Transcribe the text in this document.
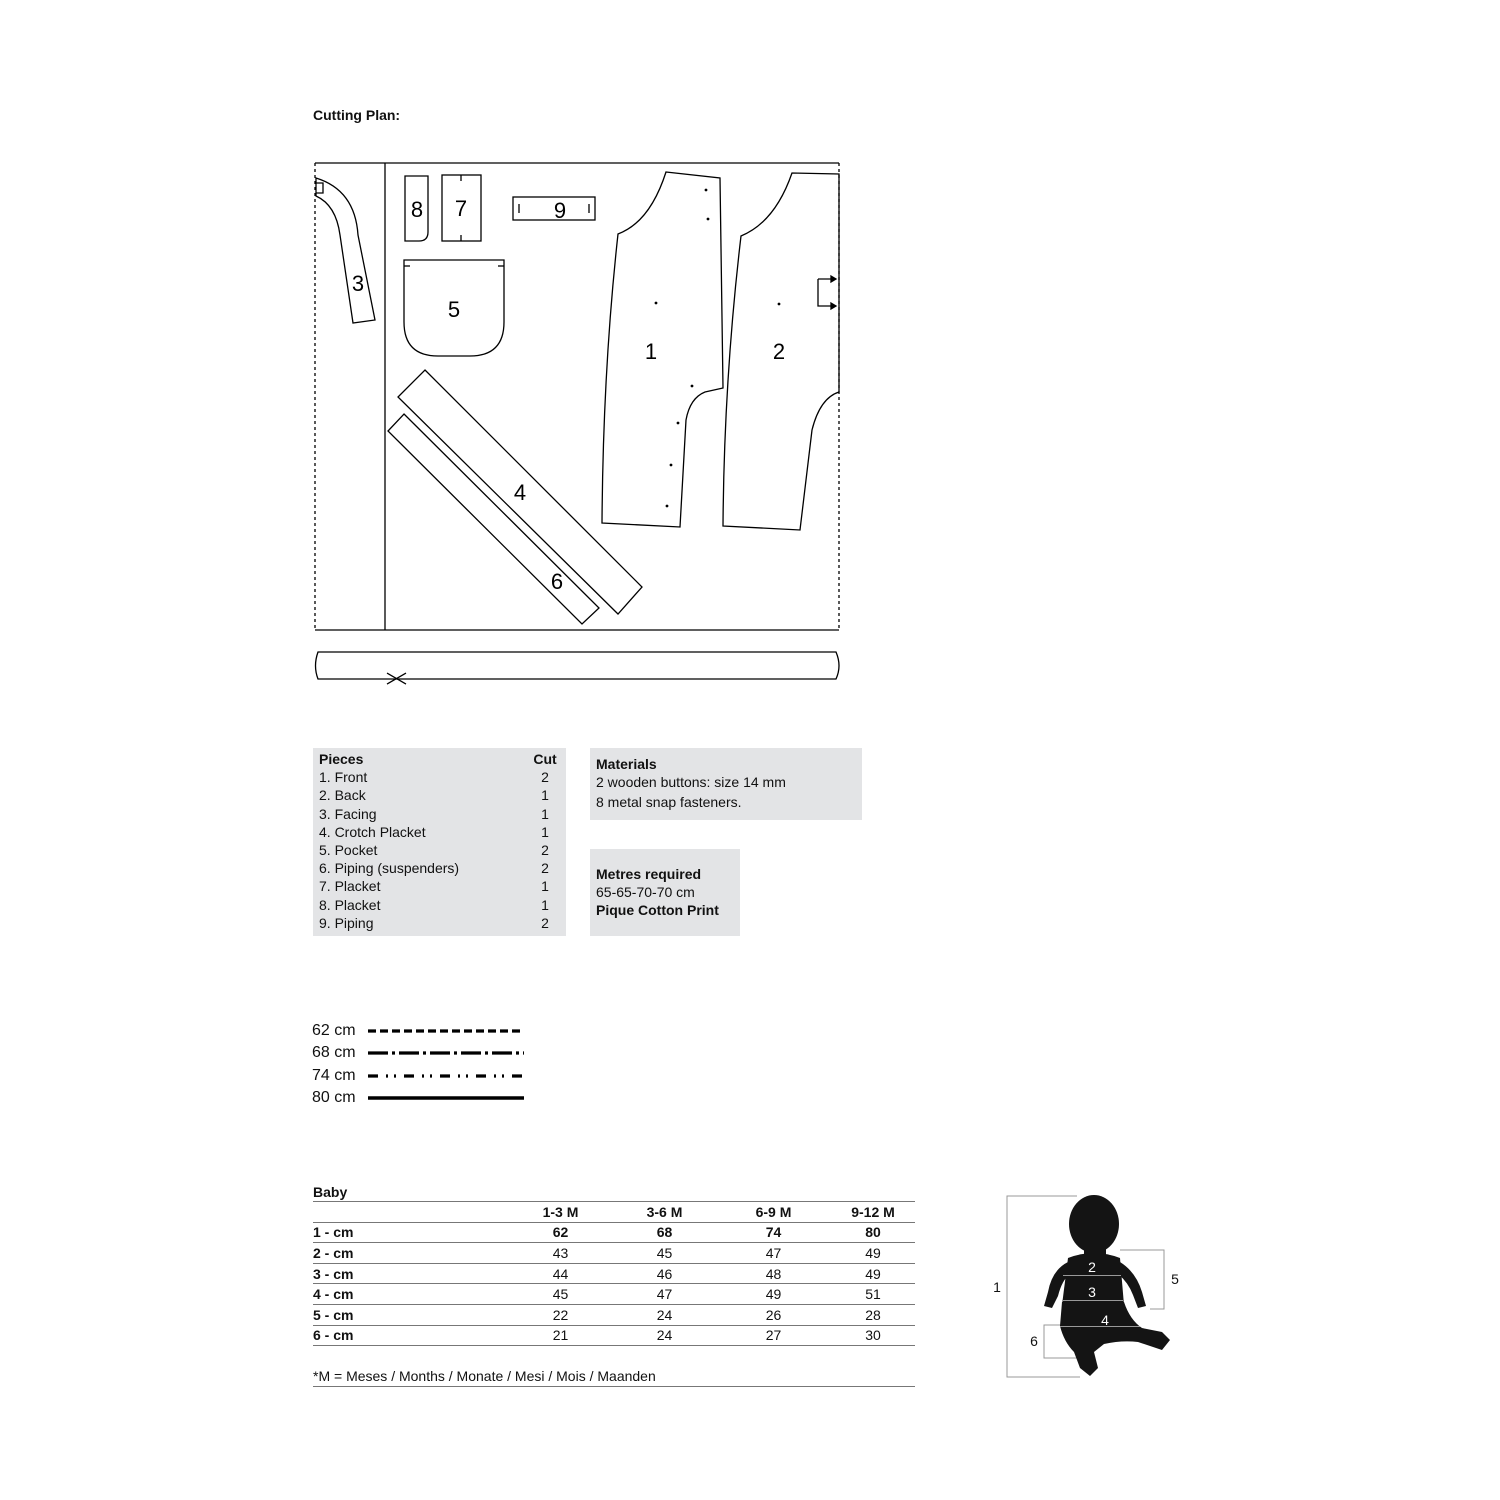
Cutting Plan:
1	2
3
4
5
6
7
8	9
Pieces	Cut
1. Front	2
2. Back	1
3. Facing	1
4. Crotch Placket	1
5. Pocket	2
6. Piping (suspenders)	2
7. Placket	1
8. Placket	1
9. Piping	2
Materials
2 wooden buttons: size 14 mm
8 metal snap fasteners.
Metres required
65-65-70-70 cm
Pique Cotton Print
62 cm
68 cm
74 cm
80 cm
Baby
	1-3 M	3-6 M	6-9 M	9-12 M
1 - cm	62	68	74	80
2 - cm	43	45	47	49
3 - cm	44	46	48	49
4 - cm	45	47	49	51
5 - cm	22	24	26	28
6 - cm	21	24	27	30
*M = Meses / Months / Monate / Mesi / Mois / Maanden
1
2
3
4
5
6
